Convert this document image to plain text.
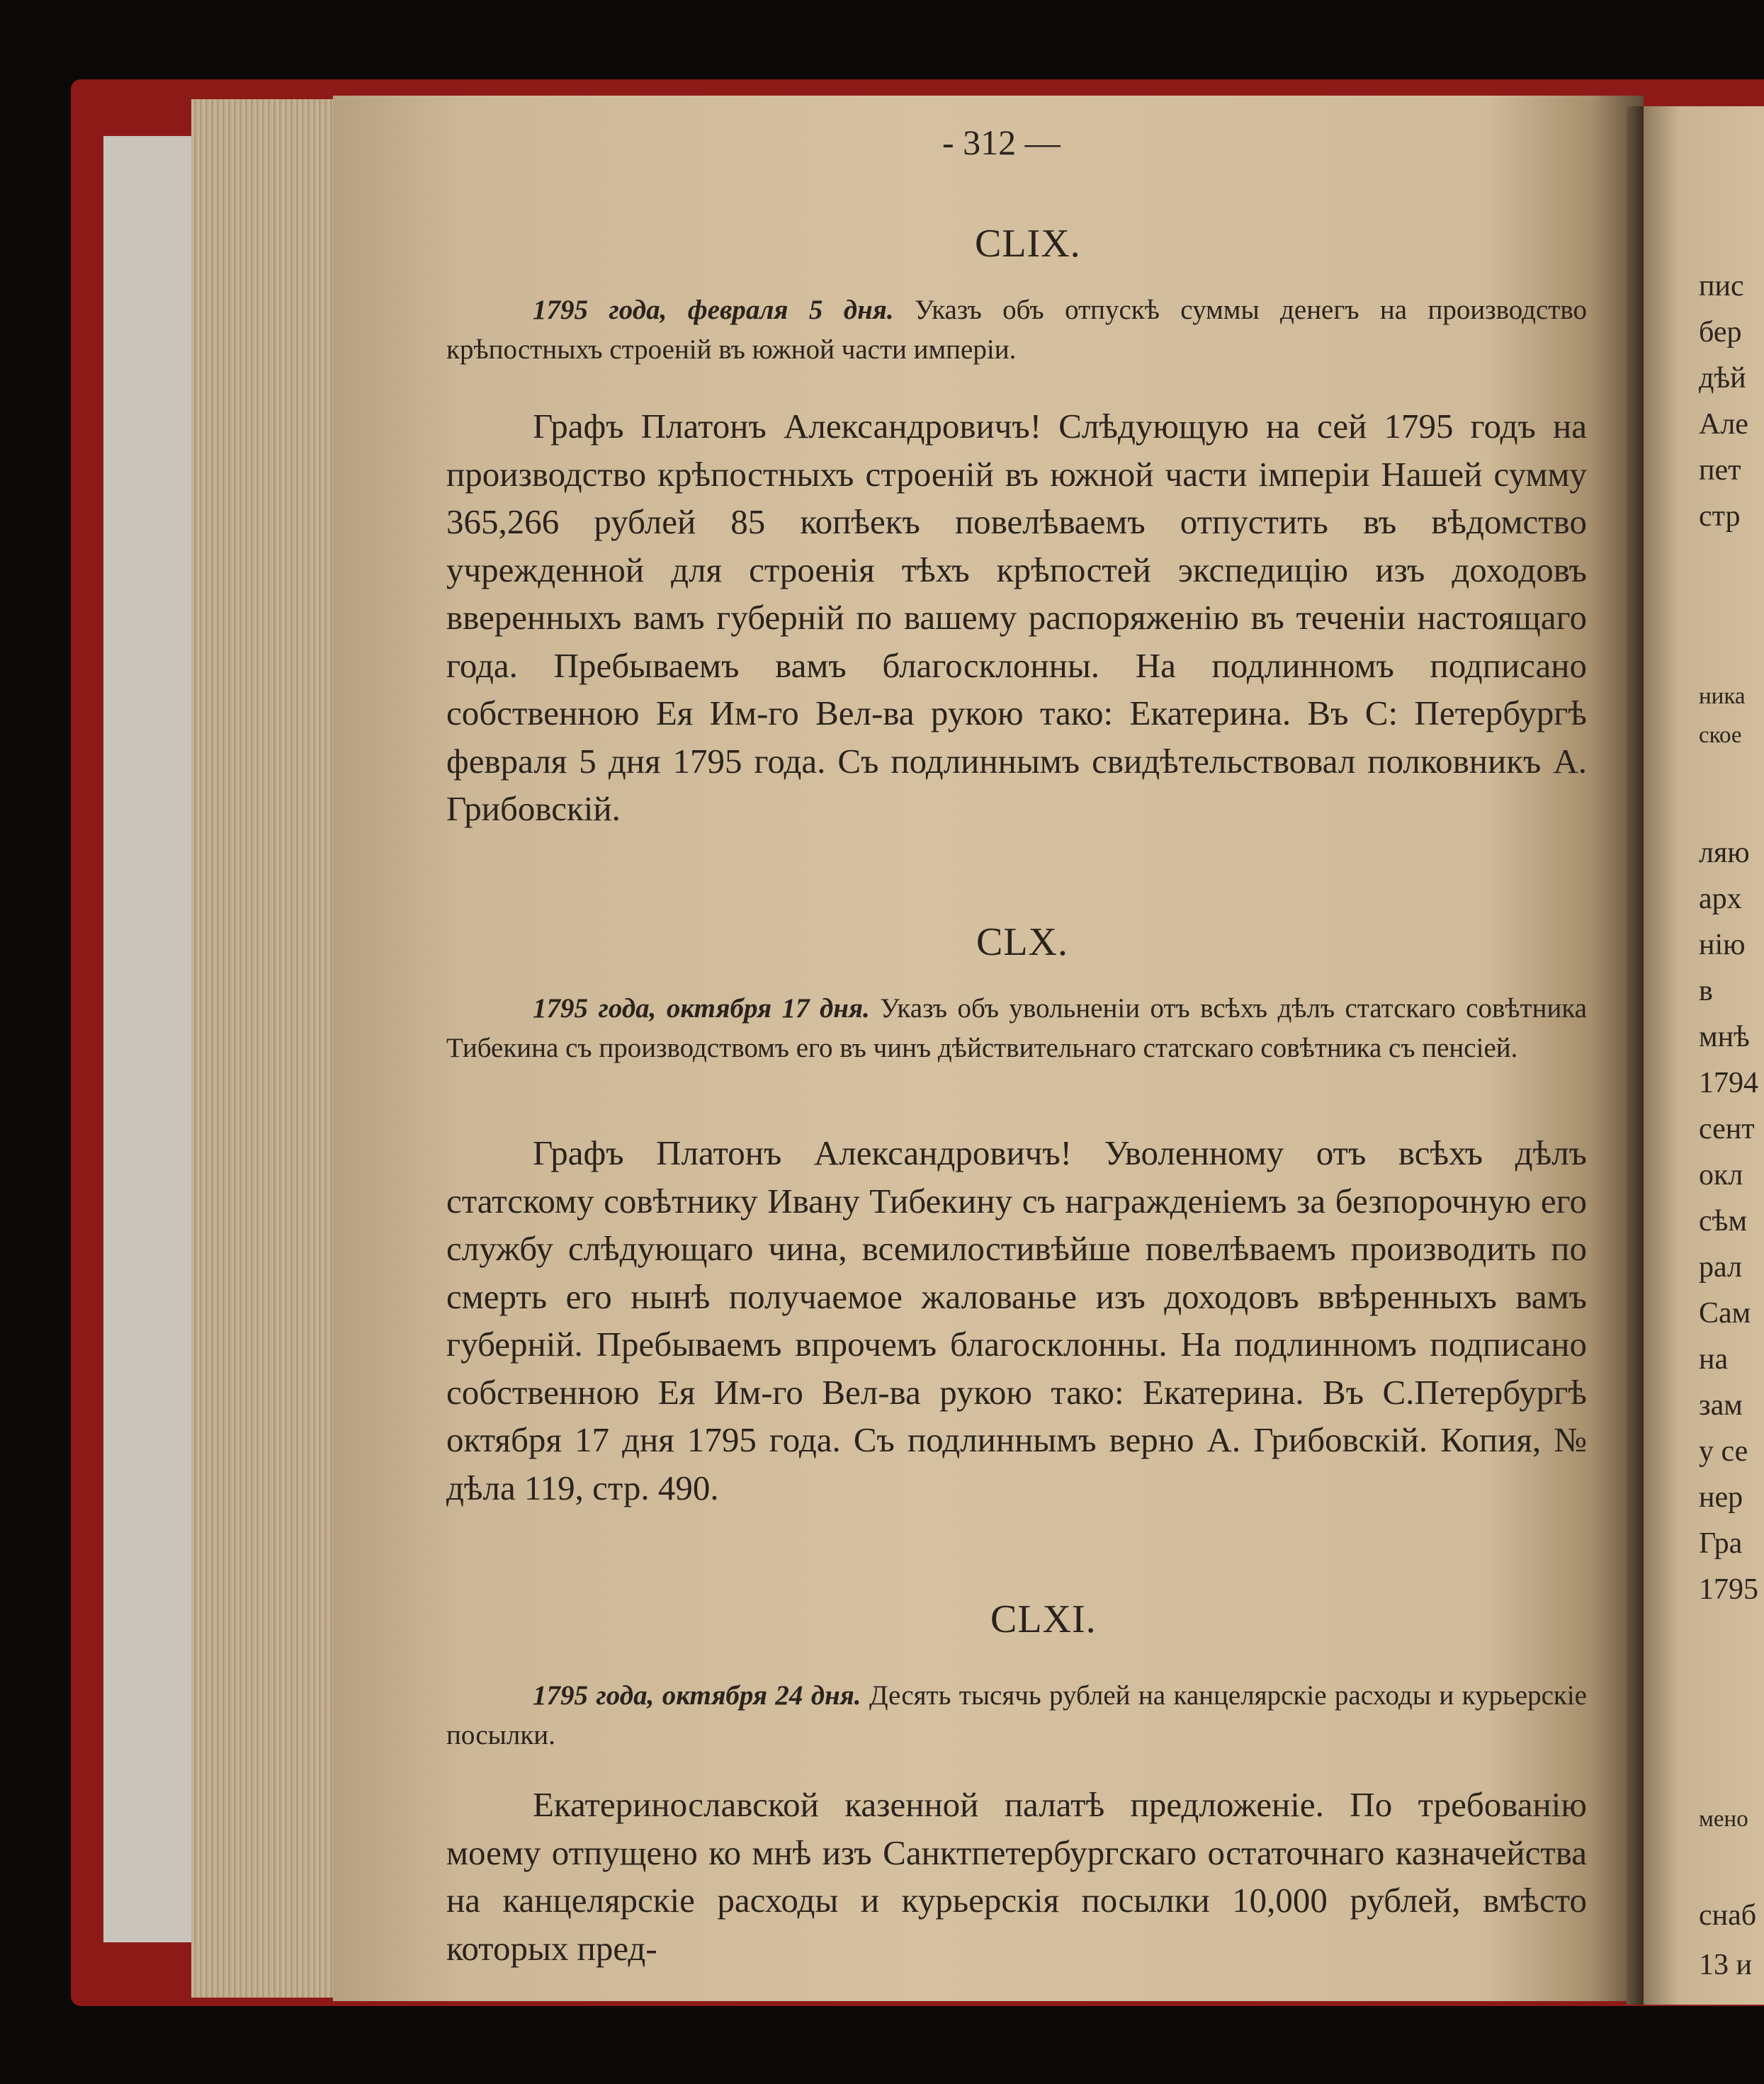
пис
бер
дѣй
Але
пет
стр
ника
ское
ляю
арх
нію
в
мнѣ
1794
сент
окл
сѣм
рал
Сам
на
зам
у се
нер
Гра
1795
мено
снаб
13 и
- 312 —
CLIX.
1795 года, февраля 5 дня. Указъ объ отпускѣ суммы денегъ на производство крѣпостныхъ строеній въ южной части имперіи.
Графъ Платонъ Александровичъ! Слѣдующую на сей 1795 годъ на производство крѣпостныхъ строеній въ южной части імперіи Нашей сумму 365,266 рублей 85 копѣекъ повелѣваемъ отпустить въ вѣдомство учрежденной для строенія тѣхъ крѣпостей экспедицію изъ доходовъ вверенныхъ вамъ губерній по вашему распоряженію въ теченіи настоящаго года. Пребываемъ вамъ благосклонны. На подлинномъ подписано собственною Ея Им-го Вел-ва рукою тако: Екатерина. Въ С: Петербургѣ февраля 5 дня 1795 года. Съ подлиннымъ свидѣтельствовал полковникъ А. Грибовскій.
CLX.
1795 года, октября 17 дня. Указъ объ увольненіи отъ всѣхъ дѣлъ статскаго совѣтника Тибекина съ производствомъ его въ чинъ дѣйствительнаго статскаго совѣтника съ пенсіей.
Графъ Платонъ Александровичъ! Уволенному отъ всѣхъ дѣлъ статскому совѣтнику Ивану Тибекину съ награжденіемъ за безпорочную его службу слѣдующаго чина, всемилостивѣйше повелѣваемъ производить по смерть его нынѣ получаемое жалованье изъ доходовъ ввѣренныхъ вамъ губерній. Пребываемъ впрочемъ благосклонны. На подлинномъ подписано собственною Ея Им-го Вел-ва рукою тако: Екатерина. Въ С.Петербургѣ октября 17 дня 1795 года. Съ подлиннымъ верно А. Грибовскій. Копия, № дѣла 119, стр. 490.
CLXI.
1795 года, октября 24 дня. Десять тысячь рублей на канцелярскіе расходы и курьерскіе посылки.
Екатеринославской казенной палатѣ предложеніе. По требованію моему отпущено ко мнѣ изъ Санктпетербургскаго остаточнаго казначейства на канцелярскіе расходы и курьерскія посылки 10,000 рублей, вмѣсто которых пред-
